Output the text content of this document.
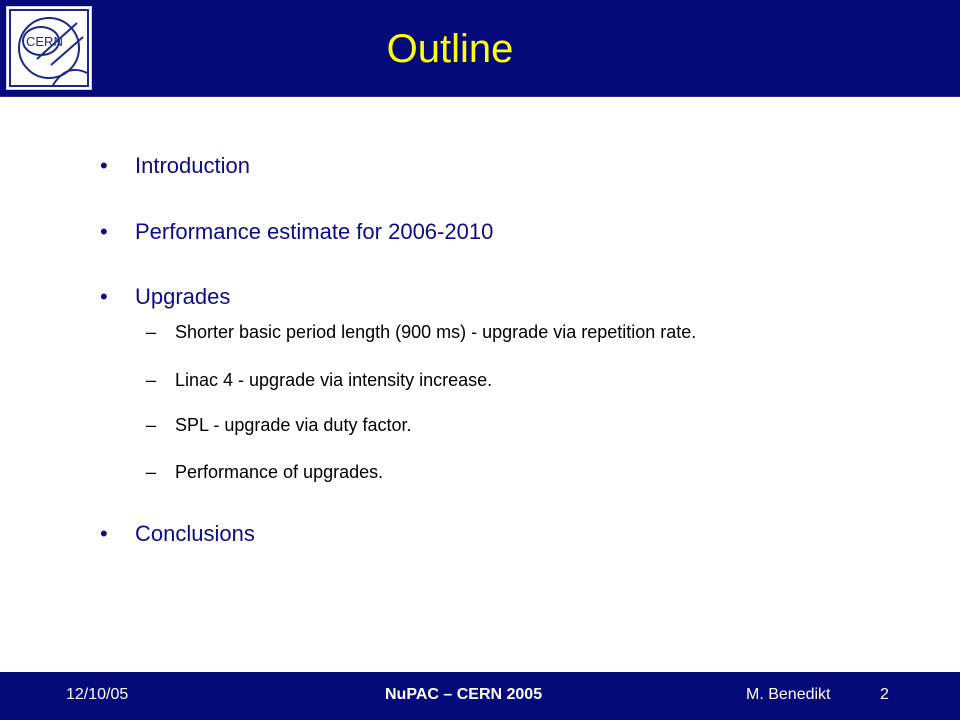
CERN	Outline
•	Introduction
•	Performance estimate for 2006-2010
•	Upgrades
–	Shorter basic period length (900 ms) - upgrade via repetition rate.
–	Linac 4 - upgrade via intensity increase.
–	SPL - upgrade via duty factor.
–	Performance of upgrades.
•	Conclusions
12/10/05	NuPAC – CERN 2005	M. Benedikt	2
